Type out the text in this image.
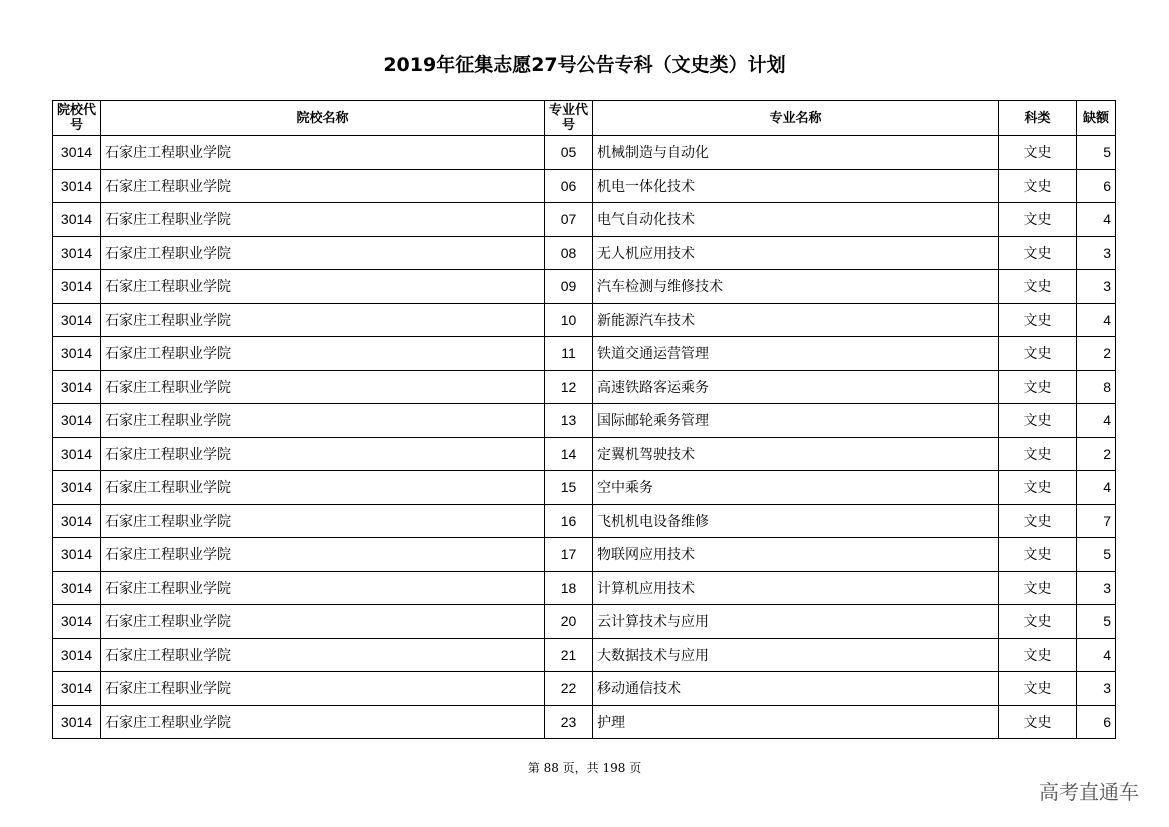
2019年征集志愿27号公告专科（文史类）计划
院校代号	院校名称	专业代号	专业名称	科类	缺额
3014	石家庄工程职业学院	05	机械制造与自动化	文史	5
3014	石家庄工程职业学院	06	机电一体化技术	文史	6
3014	石家庄工程职业学院	07	电气自动化技术	文史	4
3014	石家庄工程职业学院	08	无人机应用技术	文史	3
3014	石家庄工程职业学院	09	汽车检测与维修技术	文史	3
3014	石家庄工程职业学院	10	新能源汽车技术	文史	4
3014	石家庄工程职业学院	11	铁道交通运营管理	文史	2
3014	石家庄工程职业学院	12	高速铁路客运乘务	文史	8
3014	石家庄工程职业学院	13	国际邮轮乘务管理	文史	4
3014	石家庄工程职业学院	14	定翼机驾驶技术	文史	2
3014	石家庄工程职业学院	15	空中乘务	文史	4
3014	石家庄工程职业学院	16	飞机机电设备维修	文史	7
3014	石家庄工程职业学院	17	物联网应用技术	文史	5
3014	石家庄工程职业学院	18	计算机应用技术	文史	3
3014	石家庄工程职业学院	20	云计算技术与应用	文史	5
3014	石家庄工程职业学院	21	大数据技术与应用	文史	4
3014	石家庄工程职业学院	22	移动通信技术	文史	3
3014	石家庄工程职业学院	23	护理	文史	6
第 88 页，共 198 页
高考直通车
